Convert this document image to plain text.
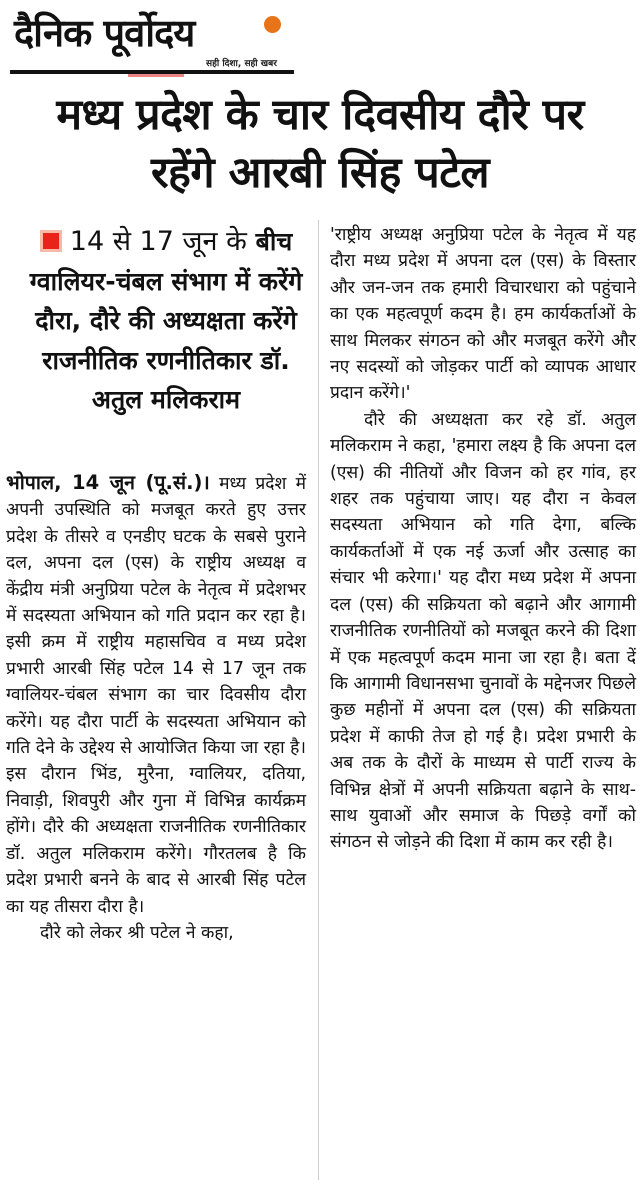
दैनिक पूर्वोदय
सही दिशा, सही खबर
मध्य प्रदेश के चार दिवसीय दौरे पर रहेंगे आरबी सिंह पटेल
14 से 17 जून के बीच ग्वालियर-चंबल संभाग में करेंगे दौरा, दौरे की अध्यक्षता करेंगे राजनीतिक रणनीतिकार डॉ. अतुल मलिकराम

भोपाल, 14 जून (पू.सं.)। मध्य प्रदेश में अपनी उपस्थिति को मजबूत करते हुए उत्तर प्रदेश के तीसरे व एनडीए घटक के सबसे पुराने दल, अपना दल (एस) के राष्ट्रीय अध्यक्ष व केंद्रीय मंत्री अनुप्रिया पटेल के नेतृत्व में प्रदेशभर में सदस्यता अभियान को गति प्रदान कर रहा है। इसी क्रम में राष्ट्रीय महासचिव व मध्य प्रदेश प्रभारी आरबी सिंह पटेल 14 से 17 जून तक ग्वालियर-चंबल संभाग का चार दिवसीय दौरा करेंगे। यह दौरा पार्टी के सदस्यता अभियान को गति देने के उद्देश्य से आयोजित किया जा रहा है। इस दौरान भिंड, मुरैना, ग्वालियर, दतिया, निवाड़ी, शिवपुरी और गुना में विभिन्न कार्यक्रम होंगे। दौरे की अध्यक्षता राजनीतिक रणनीतिकार डॉ. अतुल मलिकराम करेंगे। गौरतलब है कि प्रदेश प्रभारी बनने के बाद से आरबी सिंह पटेल का यह तीसरा दौरा है।

दौरे को लेकर श्री पटेल ने कहा,

'राष्ट्रीय अध्यक्ष अनुप्रिया पटेल के नेतृत्व में यह दौरा मध्य प्रदेश में अपना दल (एस) के विस्तार और जन-जन तक हमारी विचारधारा को पहुंचाने का एक महत्वपूर्ण कदम है। हम कार्यकर्ताओं के साथ मिलकर संगठन को और मजबूत करेंगे और नए सदस्यों को जोड़कर पार्टी को व्यापक आधार प्रदान करेंगे।'

दौरे की अध्यक्षता कर रहे डॉ. अतुल मलिकराम ने कहा, 'हमारा लक्ष्य है कि अपना दल (एस) की नीतियों और विजन को हर गांव, हर शहर तक पहुंचाया जाए। यह दौरा न केवल सदस्यता अभियान को गति देगा, बल्कि कार्यकर्ताओं में एक नई ऊर्जा और उत्साह का संचार भी करेगा।' यह दौरा मध्य प्रदेश में अपना दल (एस) की सक्रियता को बढ़ाने और आगामी राजनीतिक रणनीतियों को मजबूत करने की दिशा में एक महत्वपूर्ण कदम माना जा रहा है। बता दें कि आगामी विधानसभा चुनावों के मद्देनजर पिछले कुछ महीनों में अपना दल (एस) की सक्रियता प्रदेश में काफी तेज हो गई है। प्रदेश प्रभारी के अब तक के दौरों के माध्यम से पार्टी राज्य के विभिन्न क्षेत्रों में अपनी सक्रियता बढ़ाने के साथ-साथ युवाओं और समाज के पिछड़े वर्गों को संगठन से जोड़ने की दिशा में काम कर रही है।
